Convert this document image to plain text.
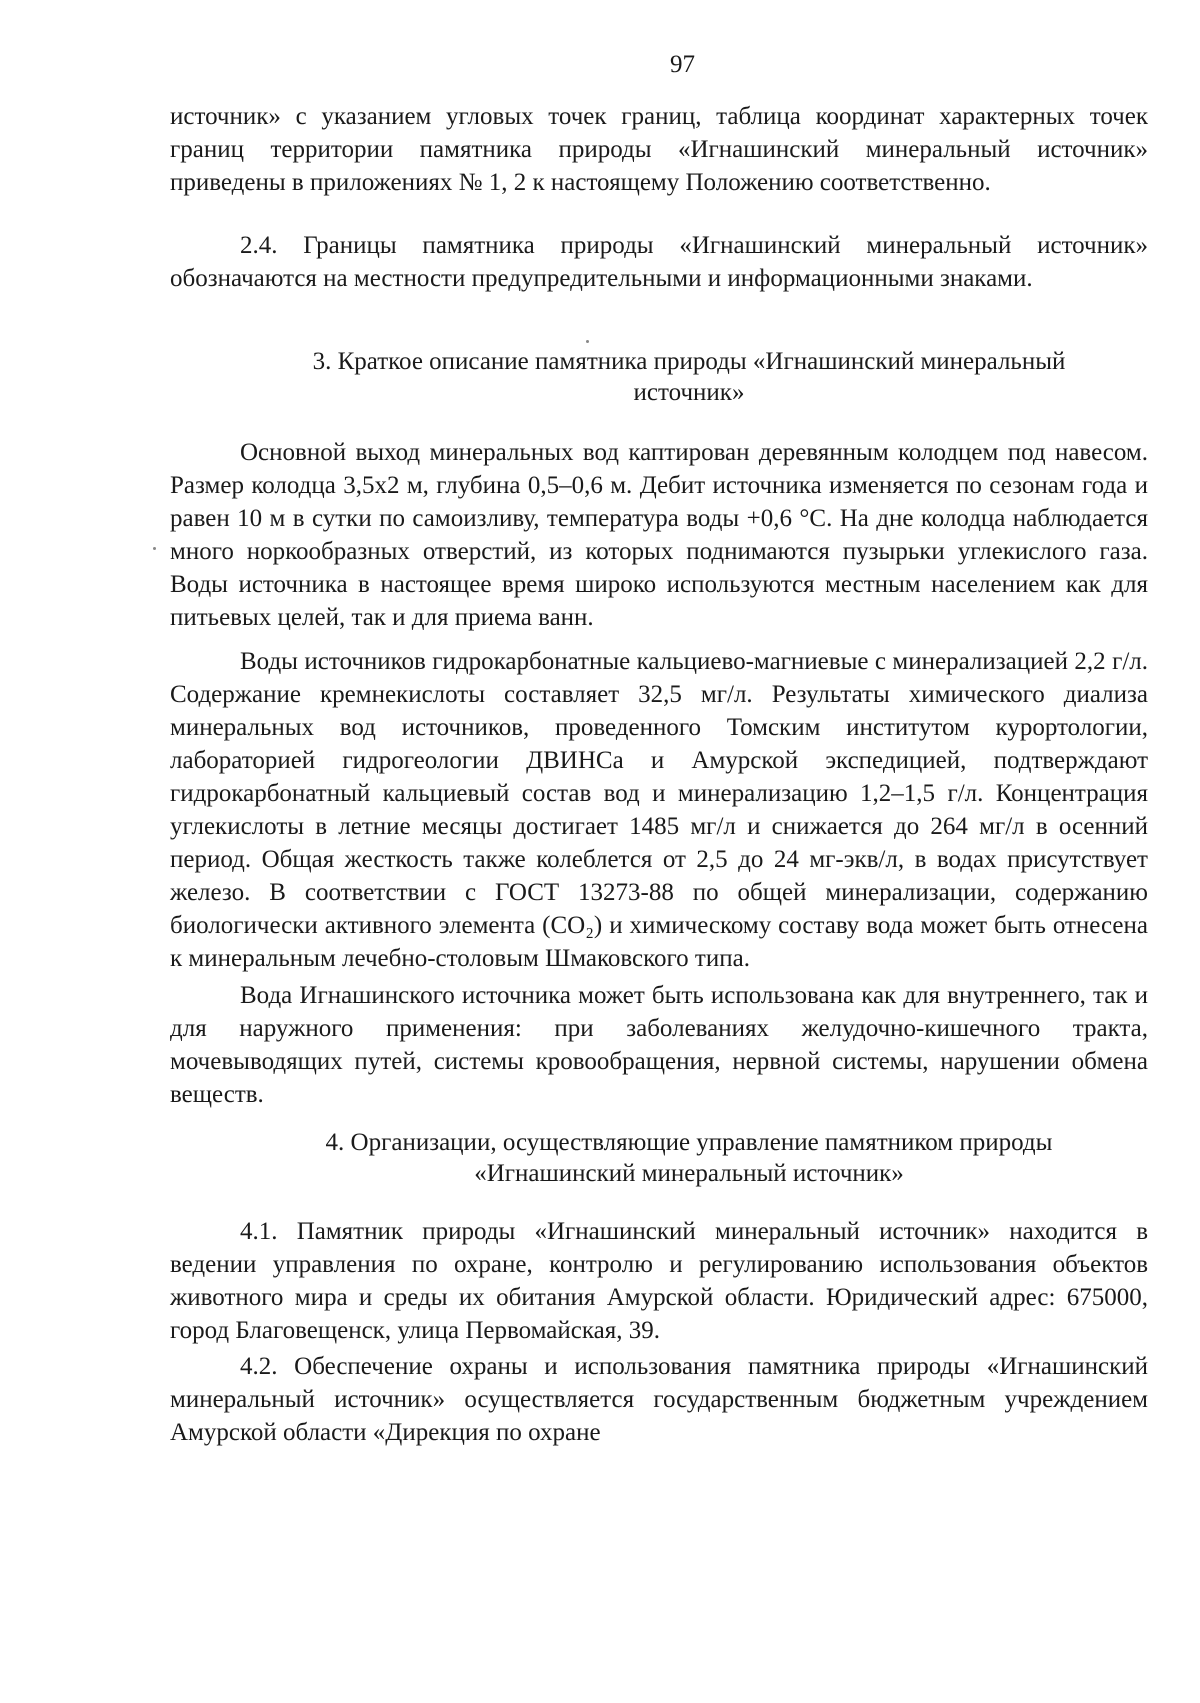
97

источник» с указанием угловых точек границ, таблица координат характерных точек границ территории памятника природы «Игнашинский минеральный источник» приведены в приложениях № 1, 2 к настоящему Положению соответственно.

2.4. Границы памятника природы «Игнашинский минеральный источник» обозначаются на местности предупредительными и информационными знаками.

3. Краткое описание памятника природы «Игнашинский минеральный

источник»

Основной выход минеральных вод каптирован деревянным колодцем под навесом. Размер колодца 3,5х2 м, глубина 0,5–0,6 м. Дебит источника изменяется по сезонам года и равен 10 м в сутки по самоизливу, температура воды +0,6 °С. На дне колодца наблюдается много норкообразных отверстий, из которых поднимаются пузырьки углекислого газа. Воды источника в настоящее время широко используются местным населением как для питьевых целей, так и для приема ванн.

Воды источников гидрокарбонатные кальциево-магниевые с минерализацией 2,2 г/л. Содержание кремнекислоты составляет 32,5 мг/л. Результаты химического диализа минеральных вод источников, проведенного Томским институтом курортологии, лабораторией гидрогеологии ДВИНСа и Амурской экспедицией, подтверждают гидрокарбонатный кальциевый состав вод и минерализацию 1,2–1,5 г/л. Концентрация углекислоты в летние месяцы достигает 1485 мг/л и снижается до 264 мг/л в осенний период. Общая жесткость также колеблется от 2,5 до 24 мг-экв/л, в водах присутствует железо. В соответствии с ГОСТ 13273-88 по общей минерализации, содержанию биологически активного элемента (CO₂) и химическому составу вода может быть отнесена к минеральным лечебно-столовым Шмаковского типа.

Вода Игнашинского источника может быть использована как для внутреннего, так и для наружного применения: при заболеваниях желудочно-кишечного тракта, мочевыводящих путей, системы кровообращения, нервной системы, нарушении обмена веществ.

4. Организации, осуществляющие управление памятником природы

«Игнашинский минеральный источник»

4.1. Памятник природы «Игнашинский минеральный источник» находится в ведении управления по охране, контролю и регулированию использования объектов животного мира и среды их обитания Амурской области. Юридический адрес: 675000, город Благовещенск, улица Первомайская, 39.

4.2. Обеспечение охраны и использования памятника природы «Игнашинский минеральный источник» осуществляется государственным бюджетным учреждением Амурской области «Дирекция по охране
